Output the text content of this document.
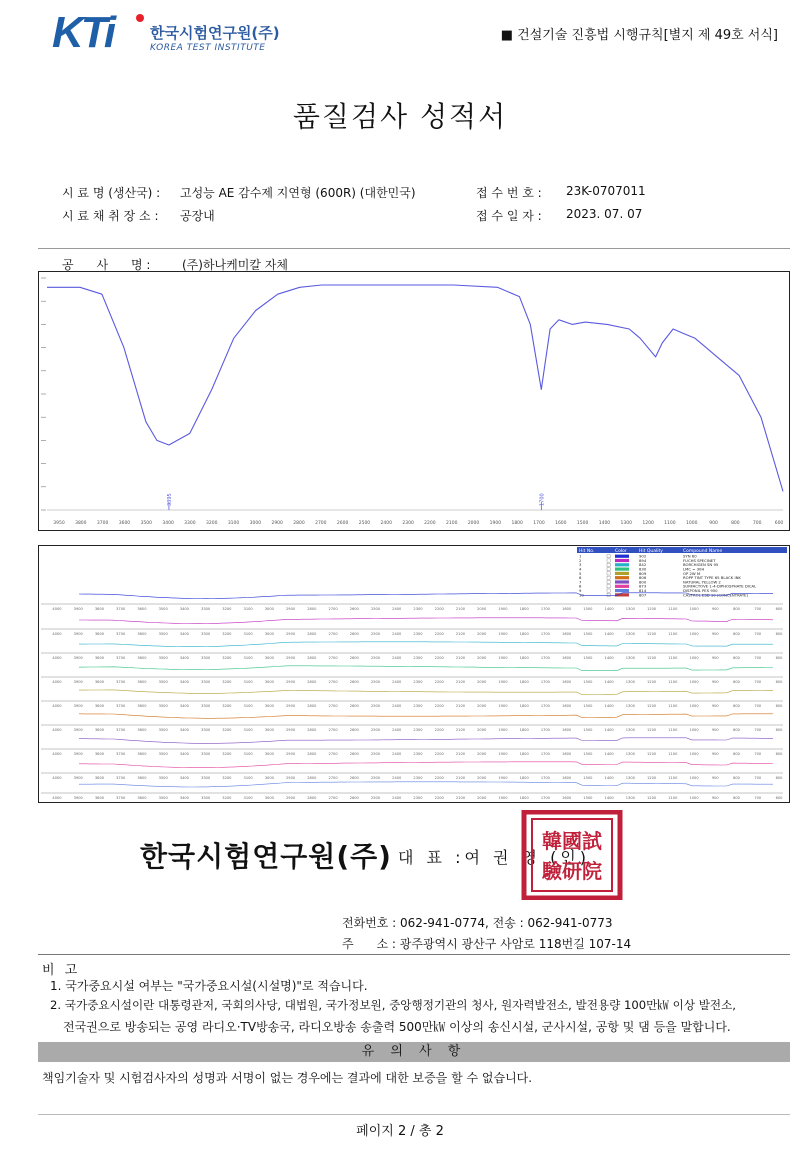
KTi 한국시험연구원(주)
KOREA TEST INSTITUTE
■ 건설기술 진흥법 시행규칙[별지 제 49호 서식]
품질검사 성적서
시 료 명 (생산국) : 고성능 AE 감수제 지연형 (600R) (대한민국)
시 료 채 취 장 소 : 공장내
접 수 번 호 : 23K-0707011
접 수 일 자 : 2023. 07. 07
공      사      명 :	(주)하나케미칼 자체
3950 3800 3700 3600 3500 3400 3300 3200 3100 3000 2900 2800 2700 2600 2500 2400 2300 2200 2100 2000 1900 1800 1700 1600 1500 1400 1300 1200 1100 1000	900	800	700	600
3395	1700
Hit No.	Color	Hit Quality	Compound Name
1	902	SYN 60
2	894	FUCHS SPECINET
3	842	BORCHIGEN SN 95
4	830	LMC = 30H
5	809	OP 2W M
6	806	ROPP TINT TYPE 65 BLACK INK
7	800	NATURAL YELLOW 2
8	873	SURFACTOVE 1-4-DIPHOSPHATE DICAL
9	814	DISPONIL PES 950
10	807	CASTROL ESD 10 (CONCENTRATE)
4000	3900	3800	3700	3600	3500	3400	3300	3200	3100	3000	2900	2800	2700	2600	2500	2400	2300	2200	2100	2000	1900	1800	1700	1600	1500	1400	1300	1200	1100	1000	900	800	700	600
4000	3900	3800	3700	3600	3500	3400	3300	3200	3100	3000	2900	2800	2700	2600	2500	2400	2300	2200	2100	2000	1900	1800	1700	1600	1500	1400	1300	1200	1100	1000	900	800	700	600
4000	3900	3800	3700	3600	3500	3400	3300	3200	3100	3000	2900	2800	2700	2600	2500	2400	2300	2200	2100	2000	1900	1800	1700	1600	1500	1400	1300	1200	1100	1000	900	800	700	600
4000	3900	3800	3700	3600	3500	3400	3300	3200	3100	3000	2900	2800	2700	2600	2500	2400	2300	2200	2100	2000	1900	1800	1700	1600	1500	1400	1300	1200	1100	1000	900	800	700	600
4000	3900	3800	3700	3600	3500	3400	3300	3200	3100	3000	2900	2800	2700	2600	2500	2400	2300	2200	2100	2000	1900	1800	1700	1600	1500	1400	1300	1200	1100	1000	900	800	700	600
4000	3900	3800	3700	3600	3500	3400	3300	3200	3100	3000	2900	2800	2700	2600	2500	2400	2300	2200	2100	2000	1900	1800	1700	1600	1500	1400	1300	1200	1100	1000	900	800	700	600
4000	3900	3800	3700	3600	3500	3400	3300	3200	3100	3000	2900	2800	2700	2600	2500	2400	2300	2200	2100	2000	1900	1800	1700	1600	1500	1400	1300	1200	1100	1000	900	800	700	600
4000	3900	3800	3700	3600	3500	3400	3300	3200	3100	3000	2900	2800	2700	2600	2500	2400	2300	2200	2100	2000	1900	1800	1700	1600	1500	1400	1300	1200	1100	1000	900	800	700	600
4000	3900	3800	3700	3600	3500	3400	3300	3200	3100	3000	2900	2800	2700	2600	2500	2400	2300	2200	2100	2000	1900	1800	1700	1600	1500	1400	1300	1200	1100	1000	900	800	700	600
한국시험연구원(주) 대 표 :여 권 영 (인)
韓國試
驗研院
전화번호 : 062-941-0774, 전송 : 062-941-0773
주      소 : 광주광역시 광산구 사암로 118번길 107-14
비 고
1. 국가중요시설 여부는 "국가중요시설(시설명)"로 적습니다.
2. 국가중요시설이란 대통령관저, 국회의사당, 대법원, 국가정보원, 중앙행정기관의 청사, 원자력발전소, 발전용량 100만㎾ 이상 발전소,
전국권으로 방송되는 공영 라디오·TV방송국, 라디오방송 송출력 500만㎾ 이상의 송신시설, 군사시설, 공항 및 댐 등을 말합니다.
유 의 사 항
책임기술자 및 시험검사자의 성명과 서명이 없는 경우에는 결과에 대한 보증을 할 수 없습니다.
페이지 2 / 총 2
